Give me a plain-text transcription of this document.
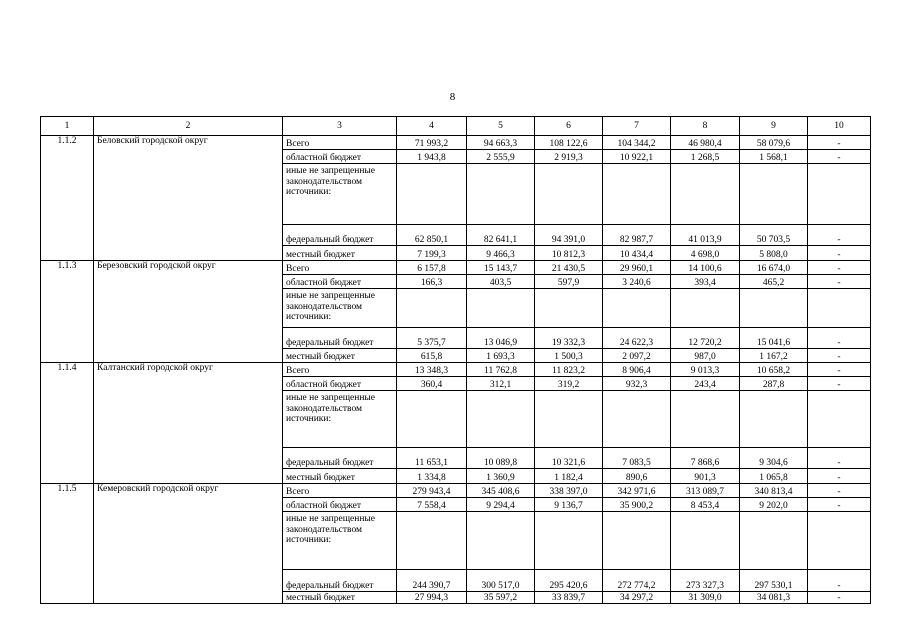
8
1	2	3	4	5	6	7	8	9	10
1.1.2	Беловский городской округ	Всего	71 993,2	94 663,3	108 122,6	104 344,2	46 980,4	58 079,6	-
		областной бюджет	1 943,8	2 555,9	2 919,3	10 922,1	1 268,5	1 568,1	-
		иные не запрещенные законодательством источники:							
		федеральный бюджет	62 850,1	82 641,1	94 391,0	82 987,7	41 013,9	50 703,5	-
		местный бюджет	7 199,3	9 466,3	10 812,3	10 434,4	4 698,0	5 808,0	-
1.1.3	Березовский городской округ	Всего	6 157,8	15 143,7	21 430,5	29 960,1	14 100,6	16 674,0	-
		областной бюджет	166,3	403,5	597,9	3 240,6	393,4	465,2	-
		иные не запрещенные законодательством источники:							
		федеральный бюджет	5 375,7	13 046,9	19 332,3	24 622,3	12 720,2	15 041,6	-
		местный бюджет	615,8	1 693,3	1 500,3	2 097,2	987,0	1 167,2	-
1.1.4	Калтанский городской округ	Всего	13 348,3	11 762,8	11 823,2	8 906,4	9 013,3	10 658,2	-
		областной бюджет	360,4	312,1	319,2	932,3	243,4	287,8	-
		иные не запрещенные законодательством источники:							
		федеральный бюджет	11 653,1	10 089,8	10 321,6	7 083,5	7 868,6	9 304,6	-
		местный бюджет	1 334,8	1 360,9	1 182,4	890,6	901,3	1 065,8	-
1.1.5	Кемеровский городской округ	Всего	279 943,4	345 408,6	338 397,0	342 971,6	313 089,7	340 813,4	-
		областной бюджет	7 558,4	9 294,4	9 136,7	35 900,2	8 453,4	9 202,0	-
		иные не запрещенные законодательством источники:							
		федеральный бюджет	244 390,7	300 517,0	295 420,6	272 774,2	273 327,3	297 530,1	-
		местный бюджет	27 994,3	35 597,2	33 839,7	34 297,2	31 309,0	34 081,3	-
